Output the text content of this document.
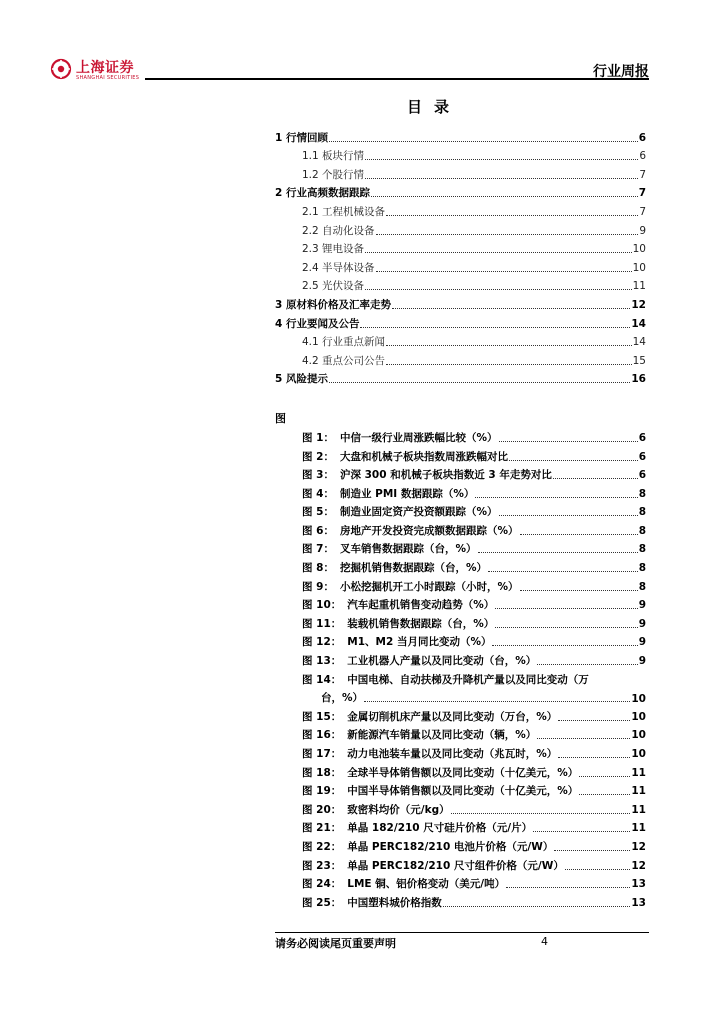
上海证券
SHANGHAI SECURITIES	行业周报
目录
1 行情回顾	6
1.1 板块行情	6
1.2 个股行情	7
2 行业高频数据跟踪	7
2.1 工程机械设备	7
2.2 自动化设备	9
2.3 锂电设备	10
2.4 半导体设备	10
2.5 光伏设备	11
3 原材料价格及汇率走势	12
4 行业要闻及公告	14
4.1 行业重点新闻	14
4.2 重点公司公告	15
5 风险提示	16
图
图 1： 中信一级行业周涨跌幅比较（%）	6
图 2： 大盘和机械子板块指数周涨跌幅对比	6
图 3： 沪深 300 和机械子板块指数近 3 年走势对比	6
图 4： 制造业 PMI 数据跟踪（%）	8
图 5： 制造业固定资产投资额跟踪（%）	8
图 6： 房地产开发投资完成额数据跟踪（%）	8
图 7： 叉车销售数据跟踪（台，%）	8
图 8： 挖掘机销售数据跟踪（台，%）	8
图 9： 小松挖掘机开工小时跟踪（小时，%）	8
图 10： 汽车起重机销售变动趋势（%）	9
图 11： 装载机销售数据跟踪（台，%）	9
图 12： M1、M2 当月同比变动（%）	9
图 13： 工业机器人产量以及同比变动（台，%）	9
图 14： 中国电梯、自动扶梯及升降机产量以及同比变动（万
台，%）	10
图 15： 金属切削机床产量以及同比变动（万台，%）	10
图 16： 新能源汽车销量以及同比变动（辆，%）	10
图 17： 动力电池装车量以及同比变动（兆瓦时，%）	10
图 18： 全球半导体销售额以及同比变动（十亿美元，%）	11
图 19： 中国半导体销售额以及同比变动（十亿美元，%）	11
图 20： 致密料均价（元/kg）	11
图 21： 单晶 182/210 尺寸硅片价格（元/片）	11
图 22： 单晶 PERC182/210 电池片价格（元/W）	12
图 23： 单晶 PERC182/210 尺寸组件价格（元/W）	12
图 24： LME 铜、铝价格变动（美元/吨）	13
图 25： 中国塑料城价格指数	13
请务必阅读尾页重要声明	4
